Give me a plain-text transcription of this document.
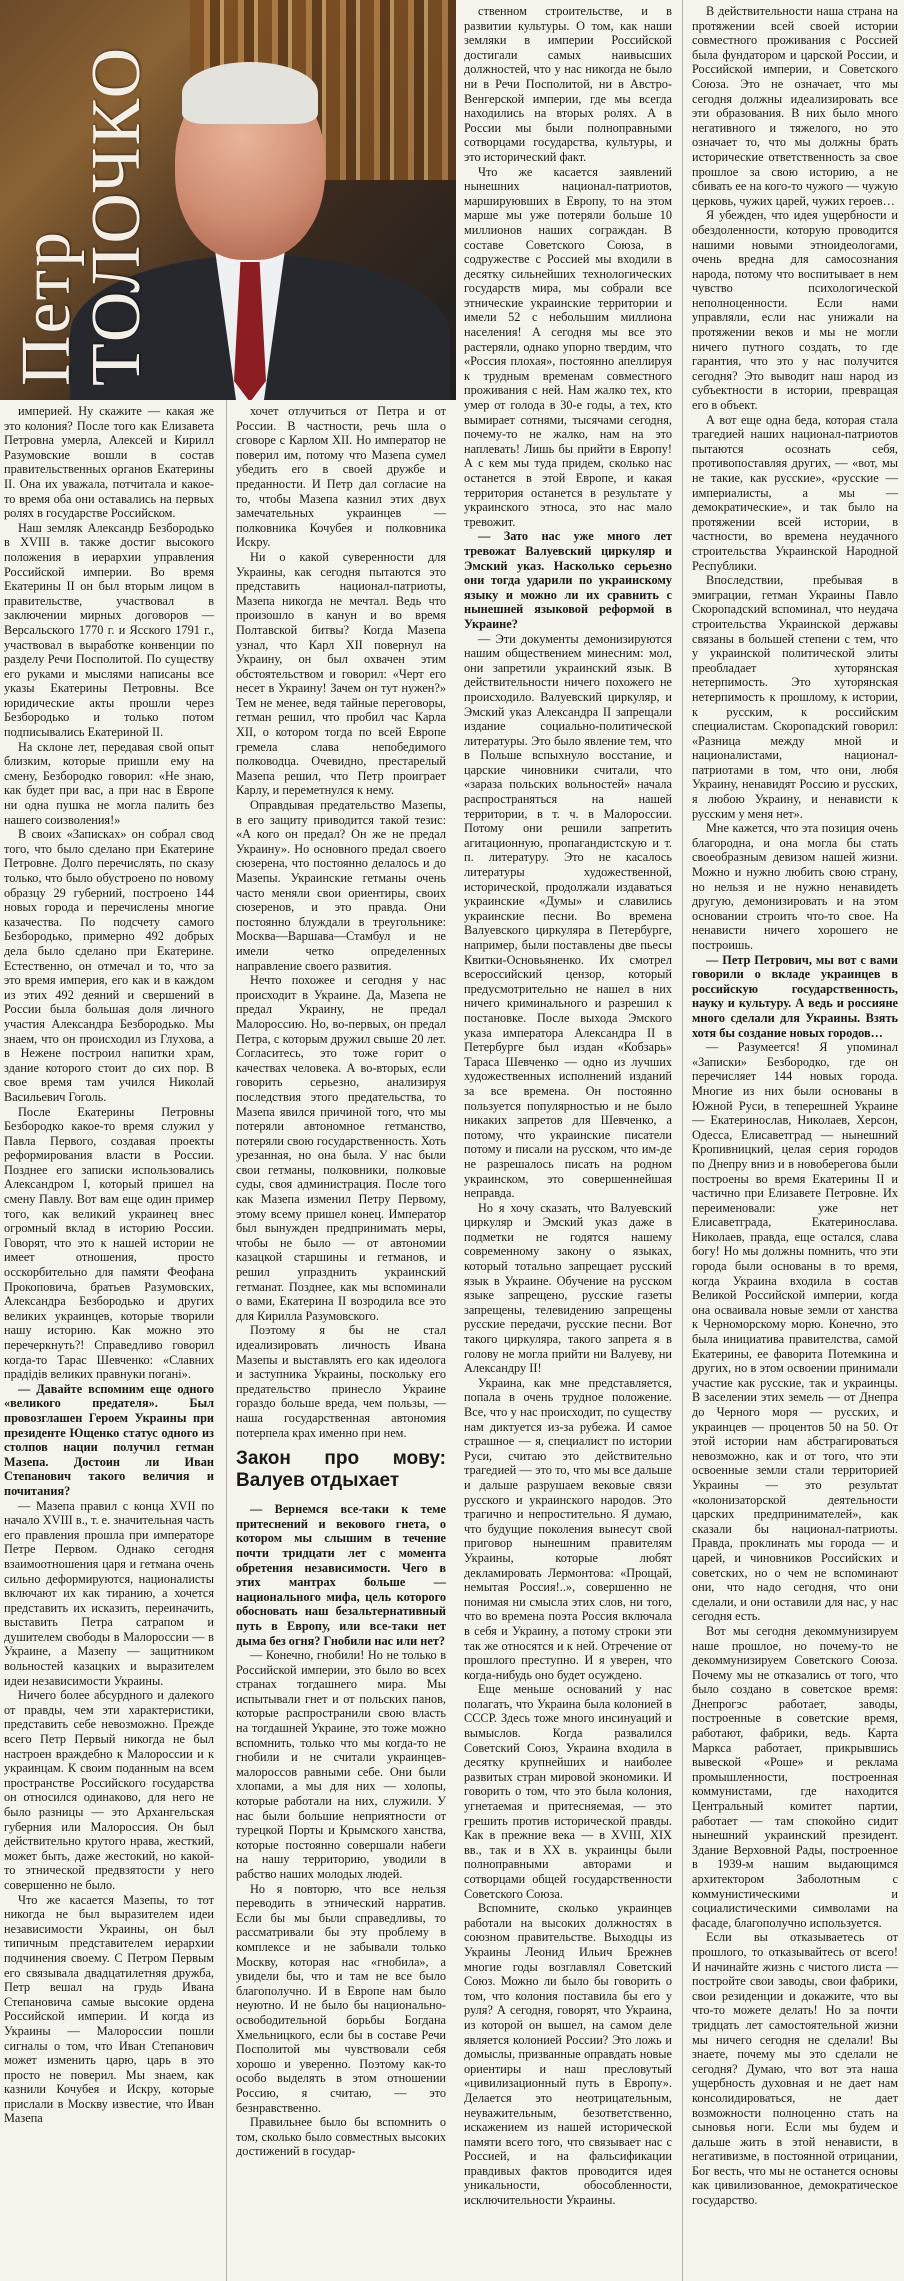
Петр ТОЛОЧКО

империей. Ну скажите — какая же это колония? После того как Елизавета Петровна умерла, Алексей и Кирилл Разумовские вошли в состав правительственных органов Екатерины II. Она их уважала, потчитала и какое-то время оба они оставались на первых ролях в государстве Российском.

Наш земляк Александр Безбородько в XVIII в. также достиг высокого положения в иерархии управления Российской империи. Во время Екатерины II он был вторым лицом в правительстве, участвовал в заключении мирных договоров — Версальского 1770 г. и Ясского 1791 г., участвовал в выработке конвенции по разделу Речи Посполитой. По существу его руками и мыслями написаны все указы Екатерины Петровны. Все юридические акты прошли через Безбородько и только потом подписывались Екатериной II.

На склоне лет, передавая свой опыт близким, которые пришли ему на смену, Безбородко говорил: «Не знаю, как будет при вас, а при нас в Европе ни одна пушка не могла палить без нашего соизволения!»

В своих «Записках» он собрал свод того, что было сделано при Екатерине Петровне. Долго перечислять, по сказу только, что было обустроено по новому образцу 29 губерний, построено 144 новых города и перечислены многие казачества. По подсчету самого Безбородько, примерно 492 добрых дела было сделано при Екатерине. Естественно, он отмечал и то, что за это время империя, его как и в каждом из этих 492 деяний и свершений в России была большая доля личного участия Александра Безбородько. Мы знаем, что он происходил из Глухова, а в Неженe построил напитки храм, здание которого стоит до сих пор. В свое время там учился Николай Васильевич Гоголь.

После Екатерины Петровны Безбородко какое-то время служил у Павла Первого, создавая проекты реформирования власти в России. Позднее его записки использовались Александром I, который пришел на смену Павлу. Вот вам еще один пример того, как великий украинец внес огромный вклад в историю России. Говорят, что это к нашей истории не имеет отношения, просто осскорбительно для памяти Феофана Прокоповича, братьев Разумовских, Александра Безбородько и других великих украинцев, которые творили нашу историю. Как можно это перечеркнуть?! Справедливо говорил когда-то Тарас Шевченко: «Славних прадідів великих правнуки погані».

— Давайте вспомним еще одного «великого предателя». Был провозглашен Героем Украины при президенте Ющенко статус одного из столпов нации получил гетман Мазепа. Достоин ли Иван Степанович такого величия и почитания?

— Мазепа правил с конца XVII по начало XVIII в., т. е. значительная часть его правления прошла при императоре Петре Первом. Однако сегодня взаимоотношения царя и гетмана очень сильно деформируются, националисты включают их как тиранию, а хочется представить их исказить, переиначить, выставить Петра сатрапом и душителем свободы в Малороссии — в Украине, а Мазепу — защитником вольностей казацких и выразителем идеи независимости Украины.

Ничего более абсурдного и далекого от правды, чем эти характеристики, представить себе невозможно. Прежде всего Петр Первый никогда не был настроен враждебно к Малороссии и к украинцам. К своим поданным на всем пространстве Российского государства он относился одинаково, для него не было разницы — это Архангельская губерния или Малороссия. Он был действительно крутого нрава, жесткий, может быть, даже жестокий, но какой-то этнической предвзятости у него совершенно не было.

Что же касается Мазепы, то тот никогда не был выразителем идеи независимости Украины, он был типичным представителем иерархии подчинения своему. С Петром Первым его связывала двадцатилетняя дружба, Петр вешал на грудь Ивана Степановича самые высокие ордена Российской империи. И когда из Украины — Малороссии пошли сигналы о том, что Иван Степанович может изменить царю, царь в это просто не поверил. Мы знаем, как казнили Кочубея и Искру, которые прислали в Москву известие, что Иван Мазепа

хочет отлучиться от Петра и от России. В частности, речь шла о сговоре с Карлом XII. Но император не поверил им, потому что Мазепа сумел убедить его в своей дружбе и преданности. И Петр дал согласие на то, чтобы Мазепа казнил этих двух замечательных украинцев — полковника Кочубея и полковника Искру.

Ни о какой суверенности для Украины, как сегодня пытаются это представить национал-патриоты, Мазепа никогда не мечтал. Ведь что произошло в канун и во время Полтавской битвы? Когда Мазепа узнал, что Карл XII повернул на Украину, он был охвачен этим обстоятельством и говорил: «Черт его несет в Украину! Зачем он тут нужен?» Тем не менее, ведя тайные переговоры, гетман решил, что пробил час Карла XII, о котором тогда по всей Европе гремела слава непобедимого полководца. Очевидно, престарелый Мазепа решил, что Петр проиграет Карлу, и переметнулся к нему.

Оправдывая предательство Мазепы, в его защиту приводится такой тезис: «А кого он предал? Он же не предал Украину». Но основного предал своего сюзерена, что постоянно делалось и до Мазепы. Украинские гетманы очень часто меняли свои ориентиры, своих сюзеренов, и это правда. Они постоянно блуждали в треугольнике: Москва—Варшава—Стамбул и не имели четко определенных направление своего развития.

Нечто похожее и сегодня у нас происходит в Украине. Да, Мазепа не предал Украину, не предал Малороссию. Но, во-первых, он предал Петра, с которым дружил свыше 20 лет. Согласитесь, это тоже горит о качествах человека. А во-вторых, если говорить серьезно, анализируя последствия этого предательства, то Мазепа явился причиной того, что мы потеряли автономное гетманство, потеряли свою государственность. Хоть урезанная, но она была. У нас были свои гетманы, полковники, полковые суды, своя администрация. После того как Мазепа изменил Петру Первому, этому всему пришел конец. Император был вынужден предпринимать меры, чтобы не было — от автономии казацкой старшины и гетманов, и решил упразднить украинский гетманат. Позднее, как мы вспоминали о вами, Екатерина II возродила все это для Кирилла Разумовского.

Поэтому я бы не стал идеализировать личность Ивана Мазепы и выставлять его как идеолога и заступника Украины, поскольку его предательство принесло Украине гораздо больше вреда, чем пользы, — наша государственная автономия потерпела крах именно при нем.

Закон про мову: Валуев отдыхает

— Вернемся все-таки к теме притеснений и векового гнета, о котором мы слышим в течение почти тридцати лет с момента обретения независимости. Чего в этих мантрах больше — национального мифа, цель которого обосновать наш безальтернативный путь в Европу, или все-таки нет дыма без огня? Гнобили нас или нет?

— Конечно, гнобили! Но не только в Российской империи, это было во всех странах тогдашнего мира. Мы испытывали гнет и от польских панов, которые распространили свою власть на тогдашней Украине, это тоже можно вспомнить, только что мы когда-то не гнобили и не считали украинцев-малороссов равными себе. Они были хлопами, а мы для них — холопы, которые работали на них, служили. У нас были большие неприятности от турецкой Порты и Крымского ханства, которые постоянно совершали набеги на нашу территорию, уводили в рабство наших молодых людей.

Но я повторю, что все нельзя переводить в этнический нарратив. Если бы мы были справедливы, то рассматривали бы эту проблему в комплексе и не забывали только Москву, которая нас «гнобила», а увидели бы, что и там не все было благополучно. И в Европе нам было неуютно. И не было бы национально-освободительной борьбы Богдана Хмельницкого, если бы в составе Речи Посполитой мы чувствовали себя хорошо и уверенно. Поэтому как-то особо выделять в этом отношении Россию, я считаю, — это безнравственно.

Правильнее было бы вспомнить о том, сколько было совместных высоких достижений в государ-

ственном строительстве, и в развитии культуры. О том, как наши земляки в империи Российской достигали самых наивысших должностей, что у нас никогда не было ни в Речи Посполитой, ни в Австро-Венгерской империи, где мы всегда находились на вторых ролях. А в России мы были полноправными сотворцами государства, культуры, и это исторический факт.

Что же касается заявлений нынешних национал-патриотов, маршируювших в Европу, то на этом марше мы уже потеряли больше 10 миллионов наших сограждан. В составе Советского Союза, в содружестве с Россией мы входили в десятку сильнейших технологических государств мира, мы собрали все этнические украинские территории и имели 52 с небольшим миллиона населения! А сегодня мы все это растеряли, однако упорно твердим, что «Россия плохая», постоянно апеллируя к трудным временам совместного проживания с ней. Нам жалко тех, кто умер от голода в 30-е годы, а тех, кто вымирает сотнями, тысячами сегодня, почему-то не жалко, нам на это наплевать! Лишь бы прийти в Европу! А с кем мы туда придем, сколько нас останется в этой Европе, и какая территория останется в результате у украинского этноса, это нас мало тревожит.

— Зато нас уже много лет тревожат Валуевский циркуляр и Эмский указ. Насколько серьезно они тогда ударили по украинскому языку и можно ли их сравнить с нынешней языковой реформой в Украине?

— Эти документы демонизируются нашим обществением минесним: мол, они запретили украинский язык. В действительности ничего похожего не происходило. Валуевский циркуляр, и Эмский указ Александра II запрещали издание социально-политической литературы. Это было явление тем, что в Польше вспыхнуло восстание, и царские чиновники считали, что «зараза польских вольностей» начала распространяться на нашей территории, в т. ч. в Малороссии. Потому они решили запретить агитационную, пропагандистскую и т. п. литературу. Это не касалось литературы художественной, исторической, продолжали издаваться украинские «Думы» и славились украинские песни. Во времена Валуевского циркуляра в Петербурге, например, были поставлены две пьесы Квитки-Основьяненко. Их смотрел всероссийский цензор, который предусмотрительно не нашел в них ничего криминального и разрешил к постановке. После выхода Эмского указа императора Александра II в Петербурге был издан «Кобзарь» Тараса Шевченко — одно из лучших художественных исполнений изданий за все времена. Он постоянно пользуется популярностью и не было никаких запретов для Шевченко, а потому, что украинские писатели потому и писали на русском, что им-де не разрешалось писать на родном украинском, это совершеннейшая неправда.

Но я хочу сказать, что Валуевский циркуляр и Эмский указ даже в подметки не годятся нашему современному закону о языках, который тотально запрещает русский язык в Украине. Обучение на русском языке запрещено, русские газеты запрещены, телевидению запрещены русские передачи, русские песни. Вот такого циркуляра, такого запрета я в голову не могла прийти ни Валуеву, ни Александру II!

Украина, как мне представляется, попала в очень трудное положение. Все, что у нас происходит, по существу нам диктуется из-за рубежа. И самое страшное — я, специалист по истории Руси, считаю это действительно трагедией — это то, что мы все дальше и дальше разрушаем вековые связи русского и украинского народов. Это трагично и непростительно. Я думаю, что будущие поколения вынесут свой приговор нынешним правителям Украины, которые любят декламировать Лермонтова: «Прощай, немытая Россия!..», совершенно не понимая ни смысла этих слов, ни того, что во времена поэта Россия включала в себя и Украину, а потому строки эти так же относятся и к ней. Отречение от прошлого преступно. И я уверен, что когда-нибудь оно будет осуждено.

Еще меньше оснований у нас полагать, что Украина была колонией в СССР. Здесь тоже много инсинуаций и вымыслов. Когда развалился Советский Союз, Украина входила в десятку крупнейших и наиболее развитых стран мировой экономики. И говорить о том, что это была колония, угнетаемая и притесняемая, — это грешить против исторической правды. Как в прежние века — в XVIII, XIX вв., так и в XX в. украинцы были полноправными авторами и сотворцами общей государственности Советского Союза.

Вспомните, сколько украинцев работали на высоких должностях в союзном правительстве. Выходцы из Украины Леонид Ильич Брежнев многие годы возглавлял Советский Союз. Можно ли было бы говорить о том, что колония поставила бы его у руля? А сегодня, говорят, что Украина, из которой он вышел, на самом деле является колонией России? Это ложь и домыслы, призванные оправдать новые ориентиры и наш пресловутый «цивилизационный путь в Европу». Делается это неотрицательным, неуважительным, безответственно, искажением из нашей исторической памяти всего того, что связывает нас с Россией, и на фальсификации правдивых фактов проводится идея уникальности, обособленности, исключительности Украины.

В действительности наша страна на протяжении всей своей истории совместного проживания с Россией была фундатором и царской России, и Российской империи, и Советского Союза. Это не означает, что мы сегодня должны идеализировать все эти образования. В них было много негативного и тяжелого, но это означает то, что мы должны брать исторические ответственность за свое прошлое за свою историю, а не сбивать ее на кого-то чужого — чужую церковь, чужих царей, чужих героев…

Я убежден, что идея ущербности и обездоленности, которую проводится нашими новыми этноидеологами, очень вредна для самосознания народа, потому что воспитывает в нем чувство психологической неполноценности. Если нами управляли, если нас унижали на протяжении веков и мы не могли ничего путного создать, то где гарантия, что это у нас получится сегодня? Это выводит наш народ из субъектности в истории, превращая его в объект.

А вот еще одна беда, которая стала трагедией наших национал-патриотов пытаются осознать себя, противопоставляя других, — «вот, мы не такие, как русские», «русские — империалисты, а мы — демократические», и так было на протяжении всей истории, в частности, во времена неудачного строительства Украинской Народной Республики.

Впоследствии, пребывая в эмиграции, гетман Украины Павло Скоропадский вспоминал, что неудача строительства Украинской державы связаны в большей степени с тем, что у украинской политической элиты преобладает хуторянская нетерпимость. Это хуторянская нетерпимость к прошлому, к истории, к русским, к российским специалистам. Скоропадский говорил: «Разница между мной и националистами, национал-патриотами в том, что они, любя Украину, ненавидят Россию и русских, я любою Украину, и ненависти к русским у меня нет».

Мне кажется, что эта позиция очень благородна, и она могла бы стать своеобразным девизом нашей жизни. Можно и нужно любить свою страну, но нельзя и не нужно ненавидеть другую, демонизировать и на этом основании строить что-то свое. На ненависти ничего хорошего не построишь.

— Петр Петрович, мы вот с вами говорили о вкладе украинцев в российскую государственность, науку и культуру. А ведь и россияне много сделали для Украины. Взять хотя бы создание новых городов…

— Разумеется! Я упоминал «Записки» Безбородко, где он перечисляет 144 новых города. Многие из них были основаны в Южной Руси, в теперешней Украине — Екатеринослав, Николаев, Херсон, Одесса, Елисаветград — нынешний Кропивницкий, целая серия городов по Днепру вниз и в новоберегова были построены во время Екатерины II и частично при Елизавете Петровне. Их переименовали: уже нет Елисаветграда, Екатеринослава. Николаев, правда, еще остался, слава богу! Но мы должны помнить, что эти города были основаны в то время, когда Украина входила в состав Великой Российской империи, когда она осваивала новые земли от ханства к Черноморскому морю. Конечно, это была инициатива правителства, самой Екатерины, ее фаворита Потемкина и других, но в этом освоении принимали участие как русские, так и украинцы. В заселении этих земель — от Днепра до Черного моря — русских, и украинцев — процентов 50 на 50. От этой истории нам абстрагироваться невозможно, как и от того, что эти освоенные земли стали территорией Украины — это результат «колонизаторской деятельности царских предпринимателей», как сказали бы национал-патриоты. Правда, проклинать мы города — и царей, и чиновников Российских и советских, но о чем не вспоминают они, что надо сегодня, что они сделали, и они оставили для нас, у нас сегодня есть.

Вот мы сегодня декоммунизируем наше прошлое, но почему-то не декоммунизируем Советского Союза. Почему мы не отказались от того, что было создано в советское время: Днепрогэс работает, заводы, построенные в советские время, работают, фабрики, ведь. Карта Маркса работает, прикрывшись вывеской «Роше» и реклама промышленности, построенная коммунистами, где находится Центральный комитет партии, работает — там спокойно сидит нынешний украинский президент. Здание Верховной Рады, построенное в 1939-м нашим выдающимся архитектором Заболотным с коммунистическими и социалистическими символами на фасаде, благополучно используется.

Если вы отказываетесь от прошлого, то отказывайтесь от всего! И начинайте жизнь с чистого листа — постройте свои заводы, свои фабрики, свои резиденции и докажите, что вы что-то можете делать! Но за почти тридцать лет самостоятельной жизни мы ничего сегодня не сделали! Вы знаете, почему мы это сделали не сегодня? Думаю, что вот эта наша ущербность духовная и не дает нам консолидироваться, не дает возможности полноценно стать на сыновья ноги. Если мы будем и дальше жить в этой ненависти, в негативизме, в постоянной отрицании, Бог весть, что мы не останется основы как цивилизованное, демократическое государство.
